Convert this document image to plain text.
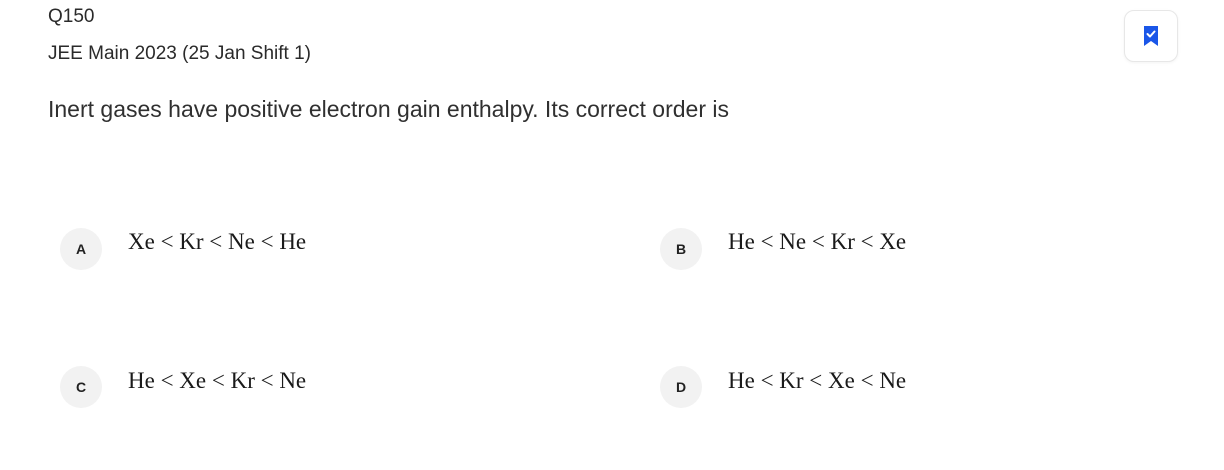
Q150
JEE Main 2023 (25 Jan Shift 1)
Inert gases have positive electron gain enthalpy. Its correct order is
A	Xe < Kr < Ne < He	B	He < Ne < Kr < Xe
C	He < Xe < Kr < Ne	D	He < Kr < Xe < Ne
